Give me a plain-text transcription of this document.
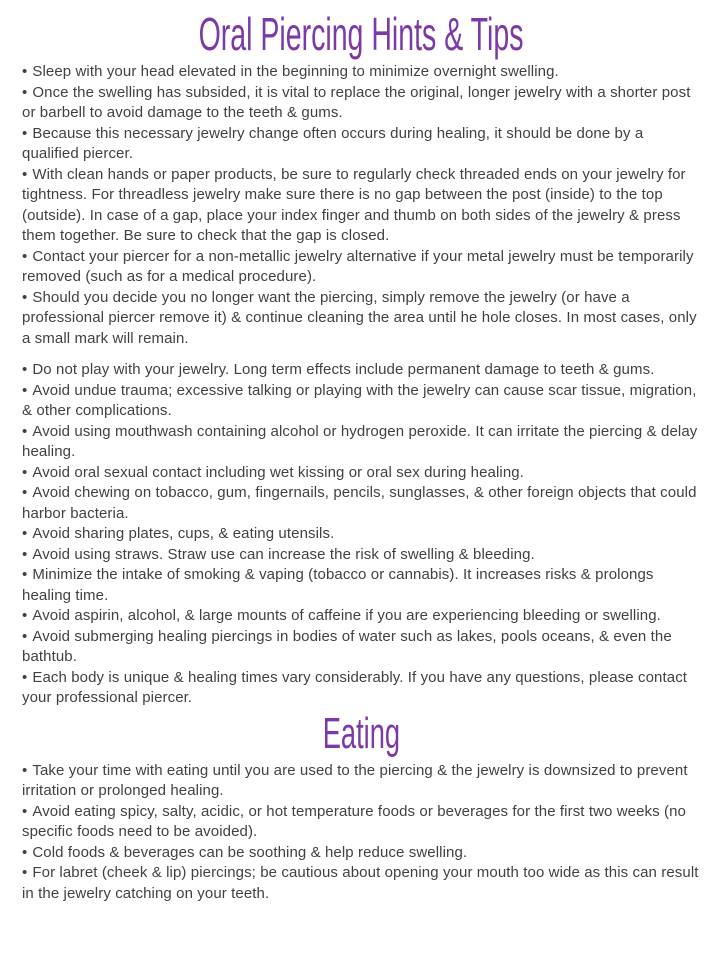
Oral Piercing Hints & Tips

• Sleep with your head elevated in the beginning to minimize overnight swelling.

• Once the swelling has subsided, it is vital to replace the original, longer jewelry with a shorter post or barbell to avoid damage to the teeth & gums.

• Because this necessary jewelry change often occurs during healing, it should be done by a qualified piercer.

• With clean hands or paper products, be sure to regularly check threaded ends on your jewelry for tightness. For threadless jewelry make sure there is no gap between the post (inside) to the top (outside). In case of a gap, place your index finger and thumb on both sides of the jewelry & press them together. Be sure to check that the gap is closed.

• Contact your piercer for a non-metallic jewelry alternative if your metal jewelry must be temporarily removed (such as for a medical procedure).

• Should you decide you no longer want the piercing, simply remove the jewelry (or have a professional piercer remove it) & continue cleaning the area until he hole closes. In most cases, only a small mark will remain.

• Do not play with your jewelry. Long term effects include permanent damage to teeth & gums.

• Avoid undue trauma; excessive talking or playing with the jewelry can cause scar tissue, migration, & other complications.

• Avoid using mouthwash containing alcohol or hydrogen peroxide. It can irritate the piercing & delay healing.

• Avoid oral sexual contact including wet kissing or oral sex during healing.

• Avoid chewing on tobacco, gum, fingernails, pencils, sunglasses, & other foreign objects that could harbor bacteria.

• Avoid sharing plates, cups, & eating utensils.

• Avoid using straws. Straw use can increase the risk of swelling & bleeding.

• Minimize the intake of smoking & vaping (tobacco or cannabis). It increases risks & prolongs healing time.

• Avoid aspirin, alcohol, & large mounts of caffeine if you are experiencing bleeding or swelling.

• Avoid submerging healing piercings in bodies of water such as lakes, pools oceans, & even the bathtub.

• Each body is unique & healing times vary considerably. If you have any questions, please contact your professional piercer.

Eating

• Take your time with eating until you are used to the piercing & the jewelry is downsized to prevent irritation or prolonged healing.

• Avoid eating spicy, salty, acidic, or hot temperature foods or beverages for the first two weeks (no specific foods need to be avoided).

• Cold foods & beverages can be soothing & help reduce swelling.

• For labret (cheek & lip) piercings; be cautious about opening your mouth too wide as this can result in the jewelry catching on your teeth.
